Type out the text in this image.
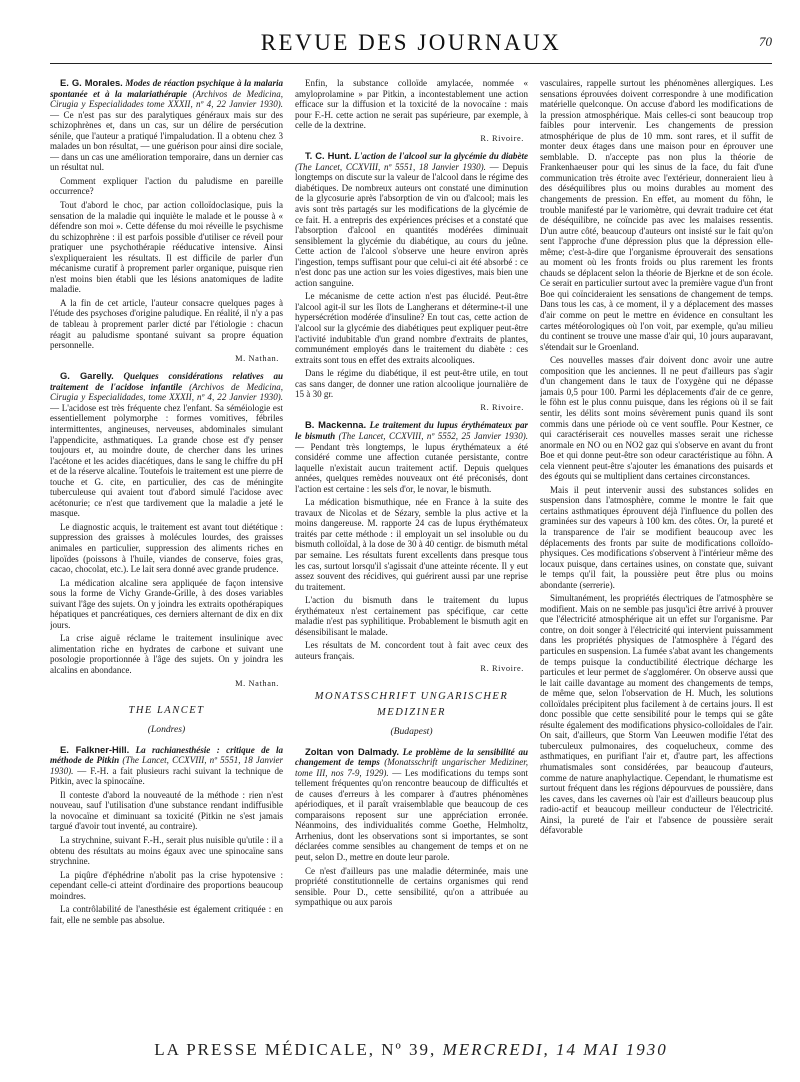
REVUE DES JOURNAUX	70

E. G. Morales. Modes de réaction psychique à la malaria spontanée et à la malariathérapie (Archivos de Medicina, Cirugia y Especialidades tome XXXII, nº 4, 22 Janvier 1930). — Ce n'est pas sur des paralytiques généraux mais sur des schizophrènes et, dans un cas, sur un délire de persécution sénile, que l'auteur a pratiqué l'impaludation. Il a obtenu chez 3 malades un bon résultat, — une guérison pour ainsi dire sociale, — dans un cas une amélioration temporaire, dans un dernier cas un résultat nul.

Comment expliquer l'action du paludisme en pareille occurrence?

Tout d'abord le choc, par action colloïdoclasique, puis la sensation de la maladie qui inquiète le malade et le pousse à « défendre son moi ». Cette défense du moi réveille le psychisme du schizophrène : il est parfois possible d'utiliser ce réveil pour pratiquer une psychothérapie rééducative intensive. Ainsi s'expliqueraient les résultats. Il est difficile de parler d'un mécanisme curatif à proprement parler organique, puisque rien n'est moins bien établi que les lésions anatomiques de ladite maladie.

A la fin de cet article, l'auteur consacre quelques pages à l'étude des psychoses d'origine paludique. En réalité, il n'y a pas de tableau à proprement parler dicté par l'étiologie : chacun réagit au paludisme spontané suivant sa propre équation personnelle.

M. Nathan.

G. Garelly. Quelques considérations relatives au traitement de l'acidose infantile (Archivos de Medicina, Cirugia y Especialidades, tome XXXII, nº 4, 22 Janvier 1930). — L'acidose est très fréquente chez l'enfant. Sa séméiologie est essentiellement polymorphe : formes vomitives, fébriles intermittentes, angineuses, nerveuses, abdominales simulant l'appendicite, asthmatiques. La grande chose est d'y penser toujours et, au moindre doute, de chercher dans les urines l'acétone et les acides diacétiques, dans le sang le chiffre du pH et de la réserve alcaline. Toutefois le traitement est une pierre de touche et G. cite, en particulier, des cas de méningite tuberculeuse qui avaient tout d'abord simulé l'acidose avec acétonurie; ce n'est que tardivement que la maladie a jeté le masque.

Le diagnostic acquis, le traitement est avant tout diététique : suppression des graisses à molécules lourdes, des graisses animales en particulier, suppression des aliments riches en lipoïdes (poissons à l'huile, viandes de conserve, foies gras, cacao, chocolat, etc.). Le lait sera donné avec grande prudence.

La médication alcaline sera appliquée de façon intensive sous la forme de Vichy Grande-Grille, à des doses variables suivant l'âge des sujets. On y joindra les extraits opothérapiques hépatiques et pancréatiques, ces derniers alternant de dix en dix jours.

La crise aiguë réclame le traitement insulinique avec alimentation riche en hydrates de carbone et suivant une posologie proportionnée à l'âge des sujets. On y joindra les alcalins en abondance.

M. Nathan.
THE LANCET
(Londres)

E. Falkner-Hill. La rachianesthésie : critique de la méthode de Pitkin (The Lancet, CCXVIII, nº 5551, 18 Janvier 1930). — F.-H. a fait plusieurs rachi suivant la technique de Pitkin, avec la spinocaïne.

Il conteste d'abord la nouveauté de la méthode : rien n'est nouveau, sauf l'utilisation d'une substance rendant indiffusible la novocaïne et diminuant sa toxicité (Pitkin ne s'est jamais targué d'avoir tout inventé, au contraire).

La strychnine, suivant F.-H., serait plus nuisible qu'utile : il a obtenu des résultats au moins égaux avec une spinocaïne sans strychnine.

La piqûre d'éphédrine n'abolit pas la crise hypotensive : cependant celle-ci atteint d'ordinaire des proportions beaucoup moindres.

La contrôlabilité de l'anesthésie est également critiquée : en fait, elle ne semble pas absolue.

Enfin, la substance colloïde amylacée, nommée « amyloprolamine » par Pitkin, a incontestablement une action efficace sur la diffusion et la toxicité de la novocaïne : mais pour F.-H. cette action ne serait pas supérieure, par exemple, à celle de la dextrine.

R. Rivoire.

T. C. Hunt. L'action de l'alcool sur la glycémie du diabète (The Lancet, CCXVIII, nº 5551, 18 Janvier 1930). — Depuis longtemps on discute sur la valeur de l'alcool dans le régime des diabétiques. De nombreux auteurs ont constaté une diminution de la glycosurie après l'absorption de vin ou d'alcool; mais les avis sont très partagés sur les modifications de la glycémie de ce fait. H. a entrepris des expériences précises et a constaté que l'absorption d'alcool en quantités modérées diminuait sensiblement la glycémie du diabétique, au cours du jeûne. Cette action de l'alcool s'observe une heure environ après l'ingestion, temps suffisant pour que celui-ci ait été absorbé : ce n'est donc pas une action sur les voies digestives, mais bien une action sanguine.

Le mécanisme de cette action n'est pas élucidé. Peut-être l'alcool agit-il sur les îlots de Langherans et détermine-t-il une hypersécrétion modérée d'insuline? En tout cas, cette action de l'alcool sur la glycémie des diabétiques peut expliquer peut-être l'activité indubitable d'un grand nombre d'extraits de plantes, communément employés dans le traitement du diabète : ces extraits sont tous en effet des extraits alcooliques.

Dans le régime du diabétique, il est peut-être utile, en tout cas sans danger, de donner une ration alcoolique journalière de 15 à 30 gr.

R. Rivoire.

B. Mackenna. Le traitement du lupus érythémateux par le bismuth (The Lancet, CCXVIII, nº 5552, 25 Janvier 1930). — Pendant très longtemps, le lupus érythémateux a été considéré comme une affection cutanée persistante, contre laquelle n'existait aucun traitement actif. Depuis quelques années, quelques remèdes nouveaux ont été préconisés, dont l'action est certaine : les sels d'or, le novar, le bismuth.

La médication bismuthique, née en France à la suite des travaux de Nicolas et de Sézary, semble la plus active et la moins dangereuse. M. rapporte 24 cas de lupus érythémateux traités par cette méthode : il employait un sel insoluble ou du bismuth colloïdal, à la dose de 30 à 40 centigr. de bismuth métal par semaine. Les résultats furent excellents dans presque tous les cas, surtout lorsqu'il s'agissait d'une atteinte récente. Il y eut assez souvent des récidives, qui guérirent aussi par une reprise du traitement.

L'action du bismuth dans le traitement du lupus érythémateux n'est certainement pas spécifique, car cette maladie n'est pas syphilitique. Probablement le bismuth agit en désensibilisant le malade.

Les résultats de M. concordent tout à fait avec ceux des auteurs français.

R. Rivoire.
MONATSSCHRIFT UNGARISCHER MEDIZINER
(Budapest)

Zoltan von Dalmady. Le problème de la sensibilité au changement de temps (Monatsschrift ungarischer Mediziner, tome III, nos 7-9, 1929). — Les modifications du temps sont tellement fréquentes qu'on rencontre beaucoup de difficultés et de causes d'erreurs à les comparer à d'autres phénomènes apériodiques, et il paraît vraisemblable que beaucoup de ces comparaisons reposent sur une appréciation erronée. Néanmoins, des individualités comme Goethe, Helmholtz, Arrhenius, dont les observations sont si importantes, se sont déclarées comme sensibles au changement de temps et on ne peut, selon D., mettre en doute leur parole.

Ce n'est d'ailleurs pas une maladie déterminée, mais une propriété constitutionnelle de certains organismes qui rend sensible. Pour D., cette sensibilité, qu'on a attribuée au sympathique ou aux parois

vasculaires, rappelle surtout les phénomènes allergiques. Les sensations éprouvées doivent correspondre à une modification matérielle quelconque. On accuse d'abord les modifications de la pression atmosphérique. Mais celles-ci sont beaucoup trop faibles pour intervenir. Les changements de pression atmosphérique de plus de 10 mm. sont rares, et il suffit de monter deux étages dans une maison pour en éprouver une semblable. D. n'accepte pas non plus la théorie de Frankenhaeuser pour qui les sinus de la face, du fait d'une communication très étroite avec l'extérieur, donneraient lieu à des déséquilibres plus ou moins durables au moment des changements de pression. En effet, au moment du föhn, le trouble manifesté par le variomètre, qui devrait traduire cet état de déséquilibre, ne coïncide pas avec les malaises ressentis. D'un autre côté, beaucoup d'auteurs ont insisté sur le fait qu'on sent l'approche d'une dépression plus que la dépression elle-même; c'est-à-dire que l'organisme éprouverait des sensations au moment où les fronts froids ou plus rarement les fronts chauds se déplacent selon la théorie de Bjerkne et de son école. Ce serait en particulier surtout avec la première vague d'un front Boe qui coïncideraient les sensations de changement de temps. Dans tous les cas, à ce moment, il y a déplacement des masses d'air comme on peut le mettre en évidence en consultant les cartes météorologiques où l'on voit, par exemple, qu'au milieu du continent se trouve une masse d'air qui, 10 jours auparavant, s'étendait sur le Groenland.

Ces nouvelles masses d'air doivent donc avoir une autre composition que les anciennes. Il ne peut d'ailleurs pas s'agir d'un changement dans le taux de l'oxygène qui ne dépasse jamais 0,5 pour 100. Parmi les déplacements d'air de ce genre, le föhn est le plus connu puisque, dans les régions où il se fait sentir, les délits sont moins sévèrement punis quand ils sont commis dans une période où ce vent souffle. Pour Kestner, ce qui caractériserait ces nouvelles masses serait une richesse anormale en NO ou en NO2 gaz qui s'observe en avant du front Boe et qui donne peut-être son odeur caractéristique au föhn. A cela viennent peut-être s'ajouter les émanations des puisards et des égouts qui se multiplient dans certaines circonstances.

Mais il peut intervenir aussi des substances solides en suspension dans l'atmosphère, comme le montre le fait que certains asthmatiques éprouvent déjà l'influence du pollen des graminées sur des vapeurs à 100 km. des côtes. Or, la pureté et la transparence de l'air se modifient beaucoup avec les déplacements des fronts par suite de modifications colloïdo-physiques. Ces modifications s'observent à l'intérieur même des locaux puisque, dans certaines usines, on constate que, suivant le temps qu'il fait, la poussière peut être plus ou moins abondante (serrerie).

Simultanément, les propriétés électriques de l'atmosphère se modifient. Mais on ne semble pas jusqu'ici être arrivé à prouver que l'électricité atmosphérique ait un effet sur l'organisme. Par contre, on doit songer à l'électricité qui intervient puissamment dans les propriétés physiques de l'atmosphère à l'égard des particules en suspension. La fumée s'abat avant les changements de temps puisque la conductibilité électrique décharge les particules et leur permet de s'agglomérer. On observe aussi que le lait caille davantage au moment des changements de temps, de même que, selon l'observation de H. Much, les solutions colloïdales précipitent plus facilement à de certains jours. Il est donc possible que cette sensibilité pour le temps qui se gâte résulte également des modifications physico-colloïdales de l'air. On sait, d'ailleurs, que Storm Van Leeuwen modifie l'état des tuberculeux pulmonaires, des coquelucheux, comme des asthmatiques, en purifiant l'air et, d'autre part, les affections rhumatismales sont considérées, par beaucoup d'auteurs, comme de nature anaphylactique. Cependant, le rhumatisme est surtout fréquent dans les régions dépourvues de poussière, dans les caves, dans les cavernes où l'air est d'ailleurs beaucoup plus radio-actif et beaucoup meilleur conducteur de l'électricité. Ainsi, la pureté de l'air et l'absence de poussière serait défavorable

LA PRESSE MÉDICALE, Nº 39, MERCREDI, 14 MAI 1930
